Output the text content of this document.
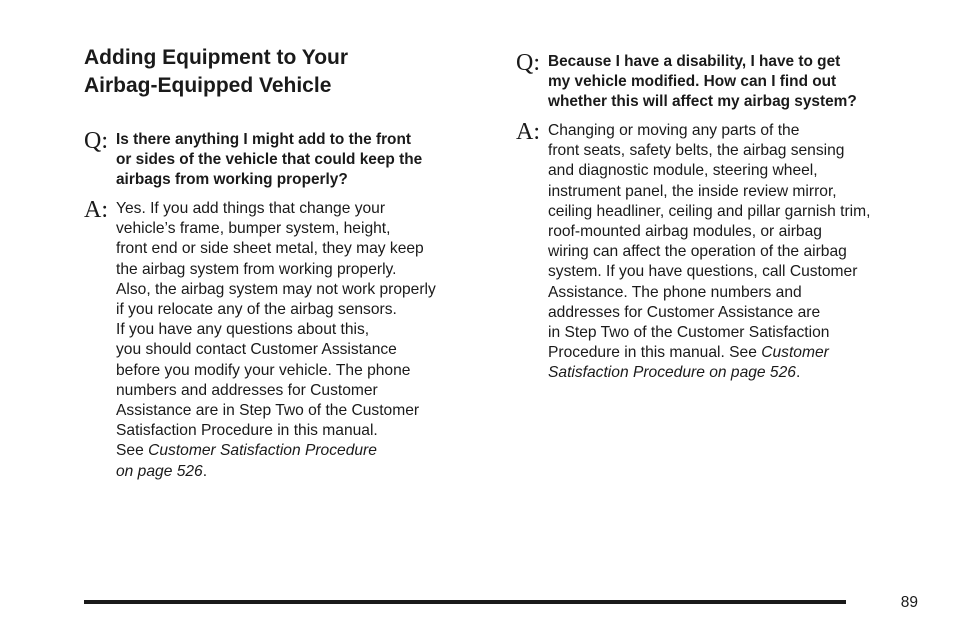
Adding Equipment to Your
Airbag-Equipped Vehicle
Q: Is there anything I might add to the front
or sides of the vehicle that could keep the
airbags from working properly?
A: Yes. If you add things that change your
vehicle’s frame, bumper system, height,
front end or side sheet metal, they may keep
the airbag system from working properly.
Also, the airbag system may not work properly
if you relocate any of the airbag sensors.
If you have any questions about this,
you should contact Customer Assistance
before you modify your vehicle. The phone
numbers and addresses for Customer
Assistance are in Step Two of the Customer
Satisfaction Procedure in this manual.
See Customer Satisfaction Procedure
on page 526.
Q: Because I have a disability, I have to get
my vehicle modified. How can I find out
whether this will affect my airbag system?
A: Changing or moving any parts of the
front seats, safety belts, the airbag sensing
and diagnostic module, steering wheel,
instrument panel, the inside review mirror,
ceiling headliner, ceiling and pillar garnish trim,
roof-mounted airbag modules, or airbag
wiring can affect the operation of the airbag
system. If you have questions, call Customer
Assistance. The phone numbers and
addresses for Customer Assistance are
in Step Two of the Customer Satisfaction
Procedure in this manual. See Customer
Satisfaction Procedure on page 526.
89
